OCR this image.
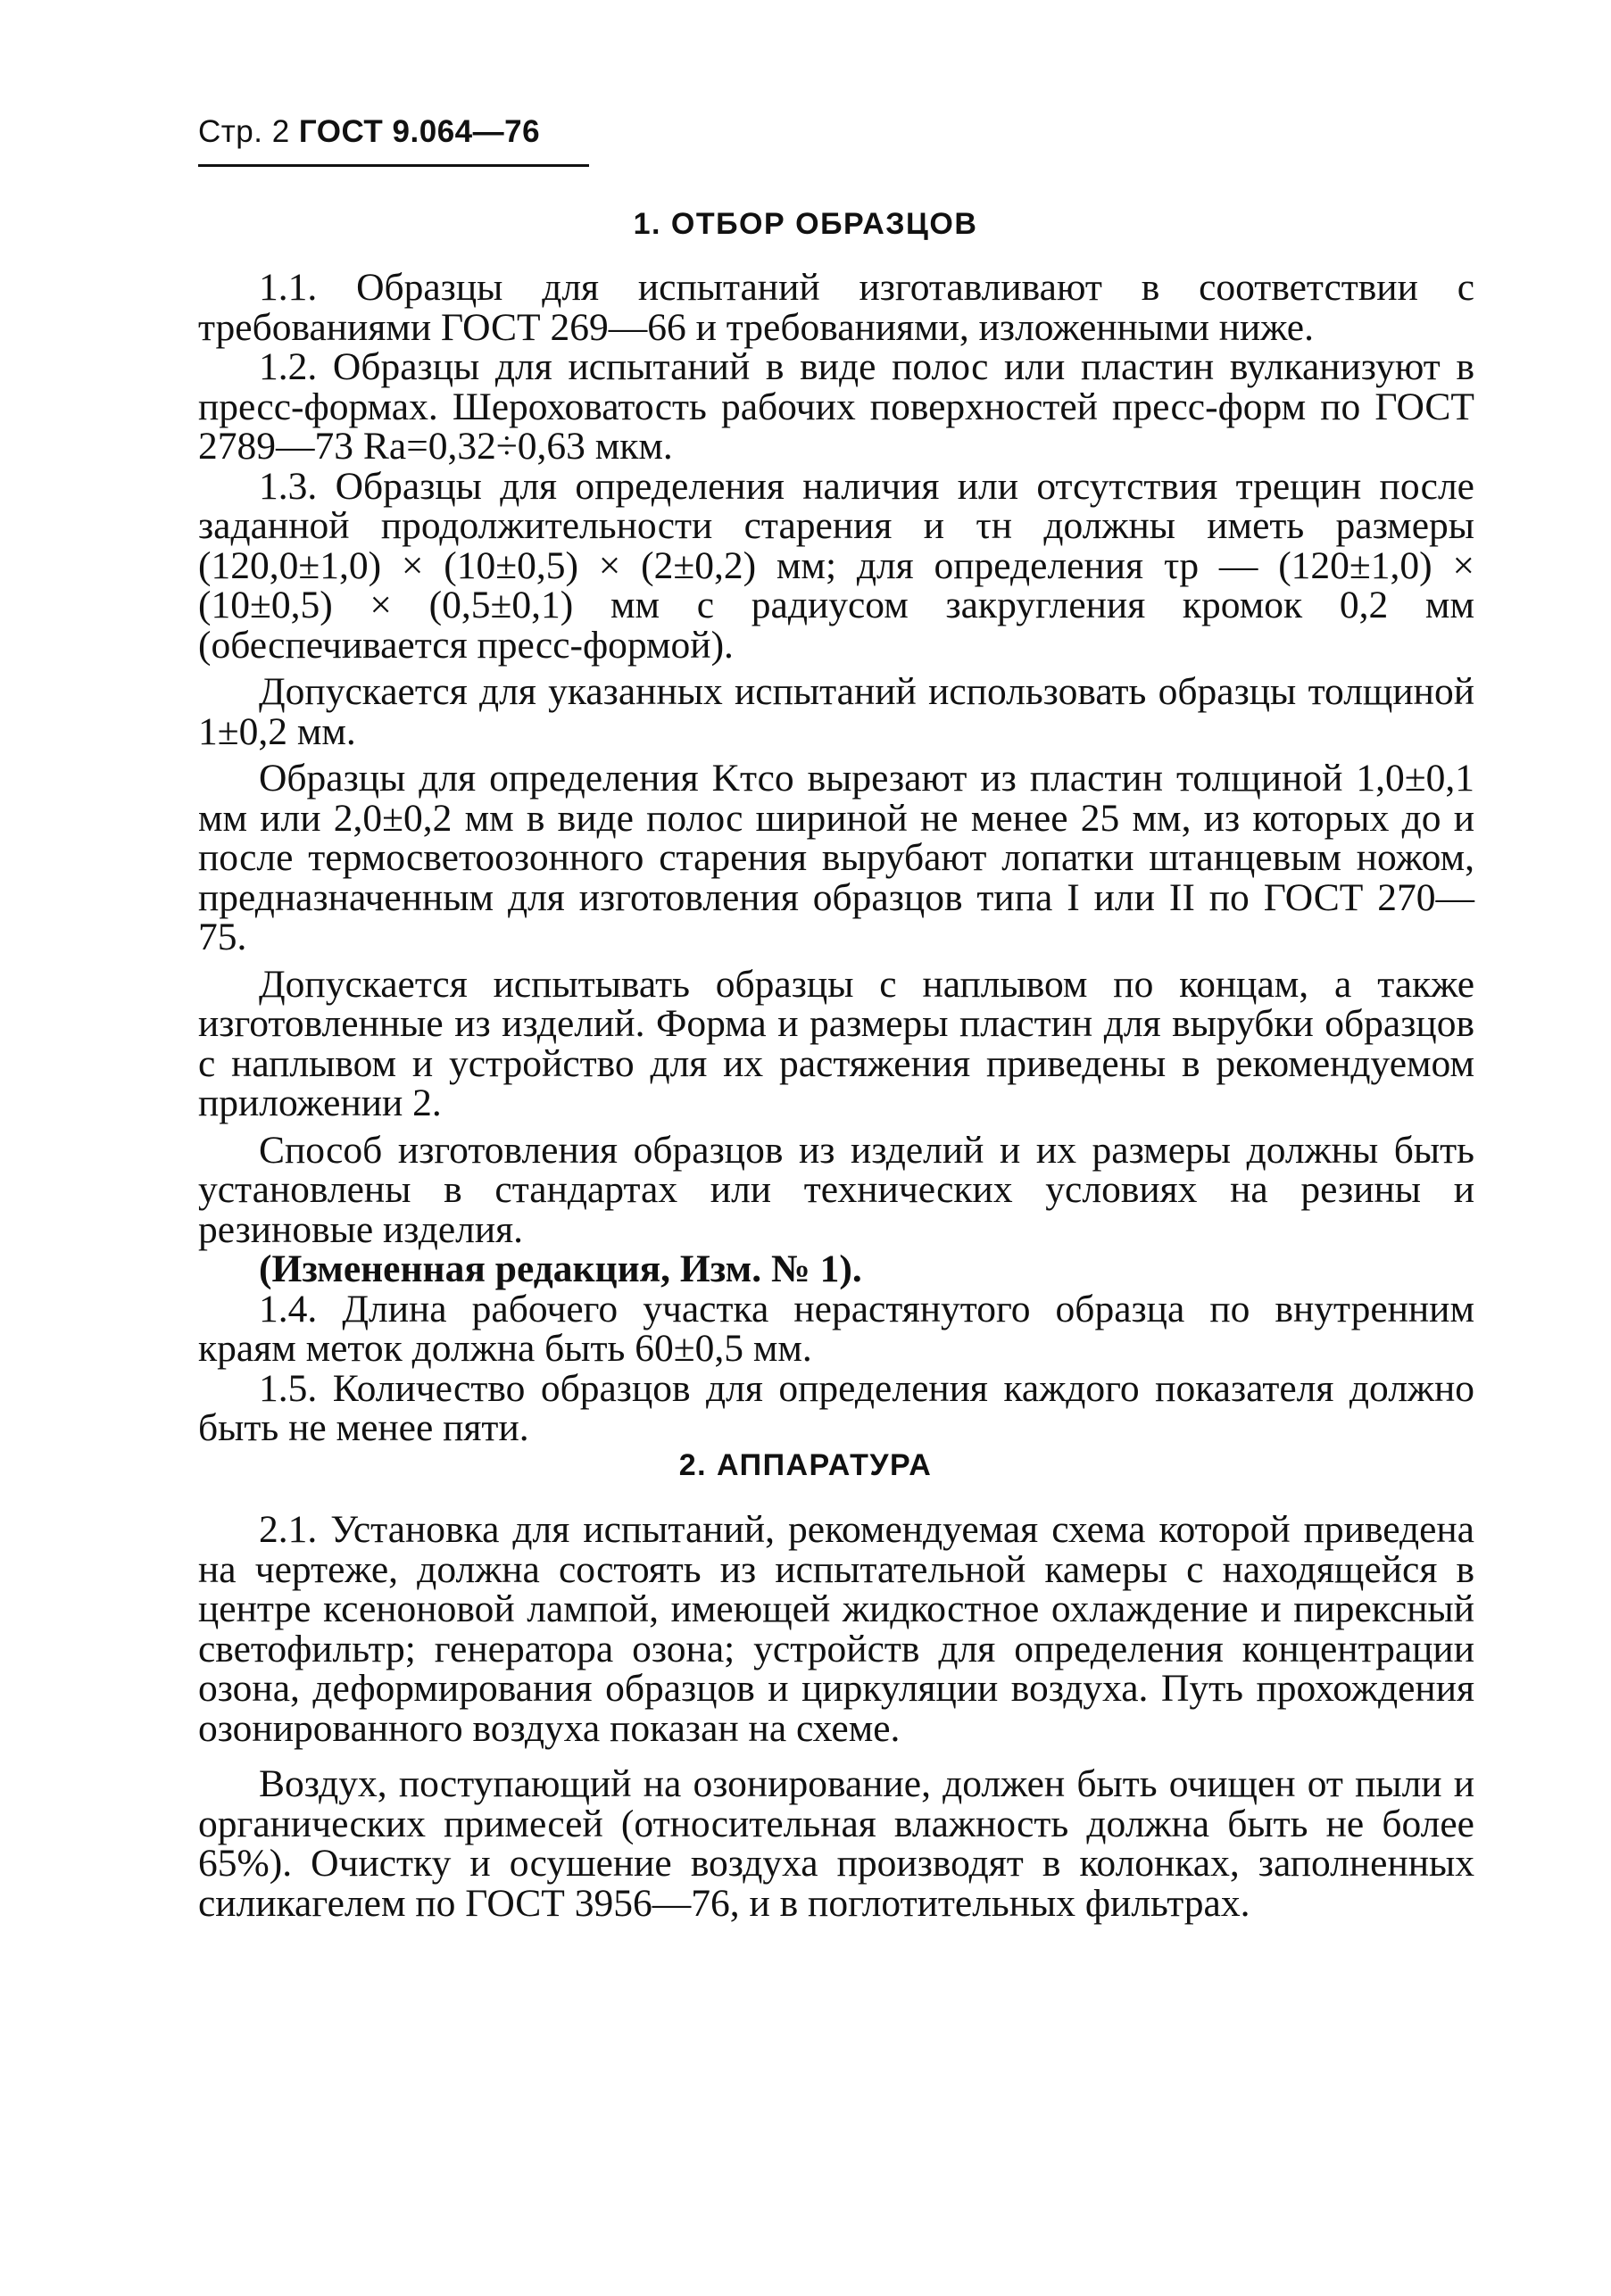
Стр. 2 ГОСТ 9.064—76
1. ОТБОР ОБРАЗЦОВ

1.1. Образцы для испытаний изготавливают в соответствии с требованиями ГОСТ 269—66 и требованиями, изложенными ниже.

1.2. Образцы для испытаний в виде полос или пластин вулканизуют в пресс-формах. Шероховатость рабочих поверхностей пресс-форм по ГОСТ 2789—73 Ra=0,32÷0,63 мкм.

1.3. Образцы для определения наличия или отсутствия трещин после заданной продолжительности старения и τн должны иметь размеры (120,0±1,0) × (10±0,5) × (2±0,2) мм; для определения τр — (120±1,0) × (10±0,5) × (0,5±0,1) мм с радиусом закругления кромок 0,2 мм (обеспечивается пресс-формой).

Допускается для указанных испытаний использовать образцы толщиной 1±0,2 мм.

Образцы для определения Kтсо вырезают из пластин толщиной 1,0±0,1 мм или 2,0±0,2 мм в виде полос шириной не менее 25 мм, из которых до и после термосветоозонного старения вырубают лопатки штанцевым ножом, предназначенным для изготовления образцов типа I или II по ГОСТ 270—75.

Допускается испытывать образцы с наплывом по концам, а также изготовленные из изделий. Форма и размеры пластин для вырубки образцов с наплывом и устройство для их растяжения приведены в рекомендуемом приложении 2.

Способ изготовления образцов из изделий и их размеры должны быть установлены в стандартах или технических условиях на резины и резиновые изделия.

(Измененная редакция, Изм. № 1).

1.4. Длина рабочего участка нерастянутого образца по внутренним краям меток должна быть 60±0,5 мм.

1.5. Количество образцов для определения каждого показателя должно быть не менее пяти.

2. АППАРАТУРА

2.1. Установка для испытаний, рекомендуемая схема которой приведена на чертеже, должна состоять из испытательной камеры с находящейся в центре ксеноновой лампой, имеющей жидкостное охлаждение и пирексный светофильтр; генератора озона; устройств для определения концентрации озона, деформирования образцов и циркуляции воздуха. Путь прохождения озонированного воздуха показан на схеме.

Воздух, поступающий на озонирование, должен быть очищен от пыли и органических примесей (относительная влажность должна быть не более 65%). Очистку и осушение воздуха производят в колонках, заполненных силикагелем по ГОСТ 3956—76, и в поглотительных фильтрах.
